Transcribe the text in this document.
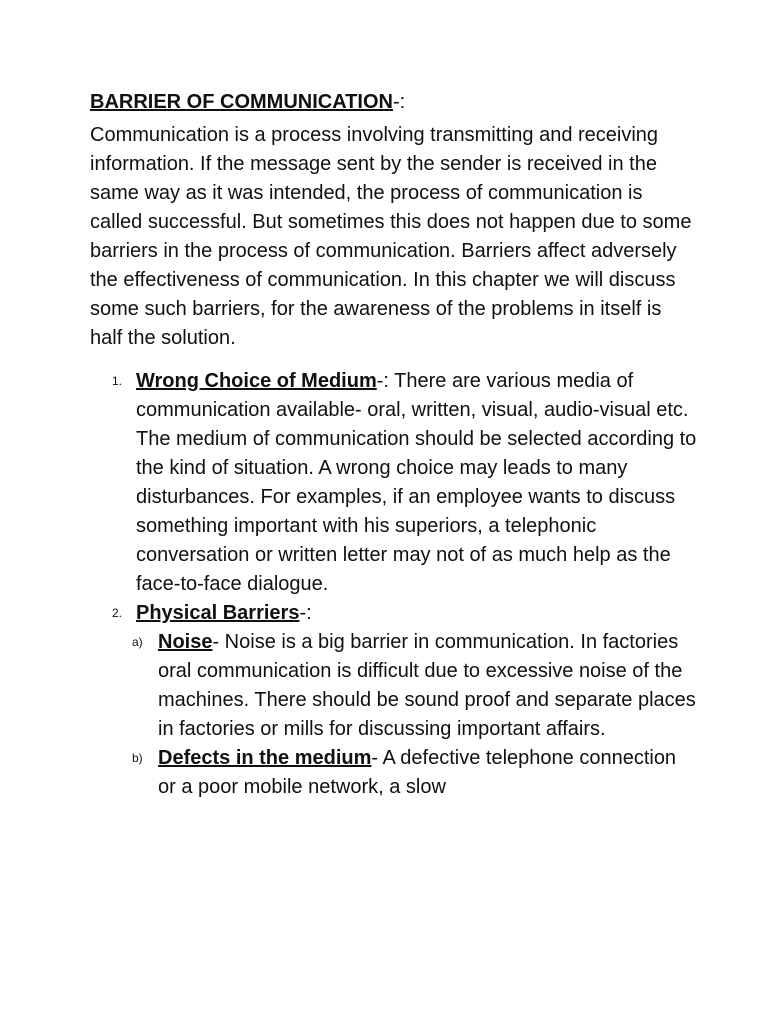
BARRIER OF COMMUNICATION-:

Communication is a process involving transmitting and receiving information. If the message sent by the sender is received in the same way as it was intended, the process of communication is called successful. But sometimes this does not happen due to some barriers in the process of communication. Barriers affect adversely the effectiveness of communication. In this chapter we will discuss some such barriers, for the awareness of the problems in itself is half the solution.

1. Wrong Choice of Medium-: There are various media of communication available- oral, written, visual, audio-visual etc. The medium of communication should be selected according to the kind of situation. A wrong choice may leads to many disturbances. For examples, if an employee wants to discuss something important with his superiors, a telephonic conversation or written letter may not of as much help as the face-to-face dialogue.
2. Physical Barriers-:
a) Noise- Noise is a big barrier in communication. In factories oral communication is difficult due to excessive noise of the machines. There should be sound proof and separate places in factories or mills for discussing important affairs.
b) Defects in the medium- A defective telephone connection or a poor mobile network, a slow
